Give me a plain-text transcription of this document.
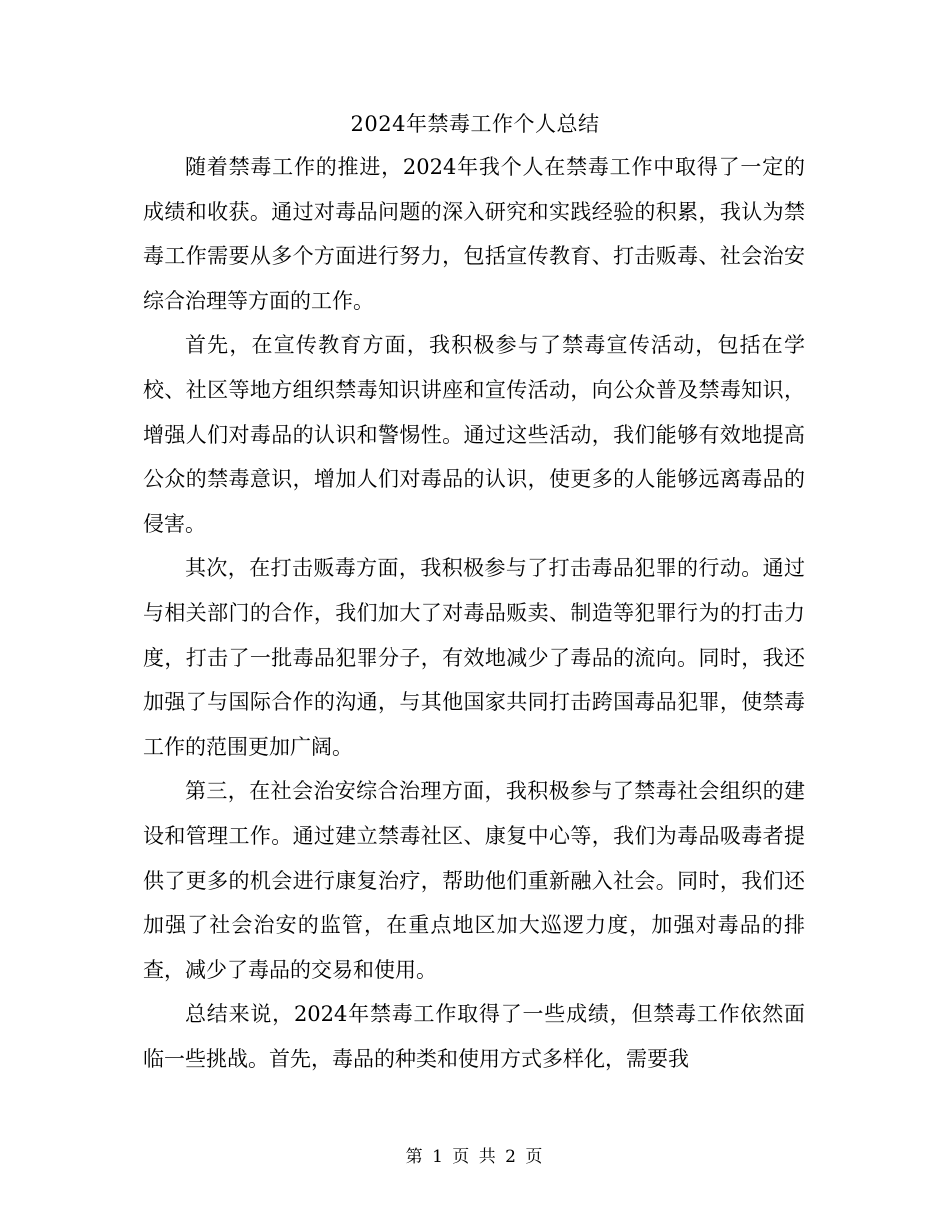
2024年禁毒工作个人总结

随着禁毒工作的推进，2024年我个人在禁毒工作中取得了一定的成绩和收获。通过对毒品问题的深入研究和实践经验的积累，我认为禁毒工作需要从多个方面进行努力，包括宣传教育、打击贩毒、社会治安综合治理等方面的工作。

首先，在宣传教育方面，我积极参与了禁毒宣传活动，包括在学校、社区等地方组织禁毒知识讲座和宣传活动，向公众普及禁毒知识，增强人们对毒品的认识和警惕性。通过这些活动，我们能够有效地提高公众的禁毒意识，增加人们对毒品的认识，使更多的人能够远离毒品的侵害。

其次，在打击贩毒方面，我积极参与了打击毒品犯罪的行动。通过与相关部门的合作，我们加大了对毒品贩卖、制造等犯罪行为的打击力度，打击了一批毒品犯罪分子，有效地减少了毒品的流向。同时，我还加强了与国际合作的沟通，与其他国家共同打击跨国毒品犯罪，使禁毒工作的范围更加广阔。

第三，在社会治安综合治理方面，我积极参与了禁毒社会组织的建设和管理工作。通过建立禁毒社区、康复中心等，我们为毒品吸毒者提供了更多的机会进行康复治疗，帮助他们重新融入社会。同时，我们还加强了社会治安的监管，在重点地区加大巡逻力度，加强对毒品的排查，减少了毒品的交易和使用。

总结来说，2024年禁毒工作取得了一些成绩，但禁毒工作依然面临一些挑战。首先，毒品的种类和使用方式多样化，需要我

第 1 页 共 2 页
